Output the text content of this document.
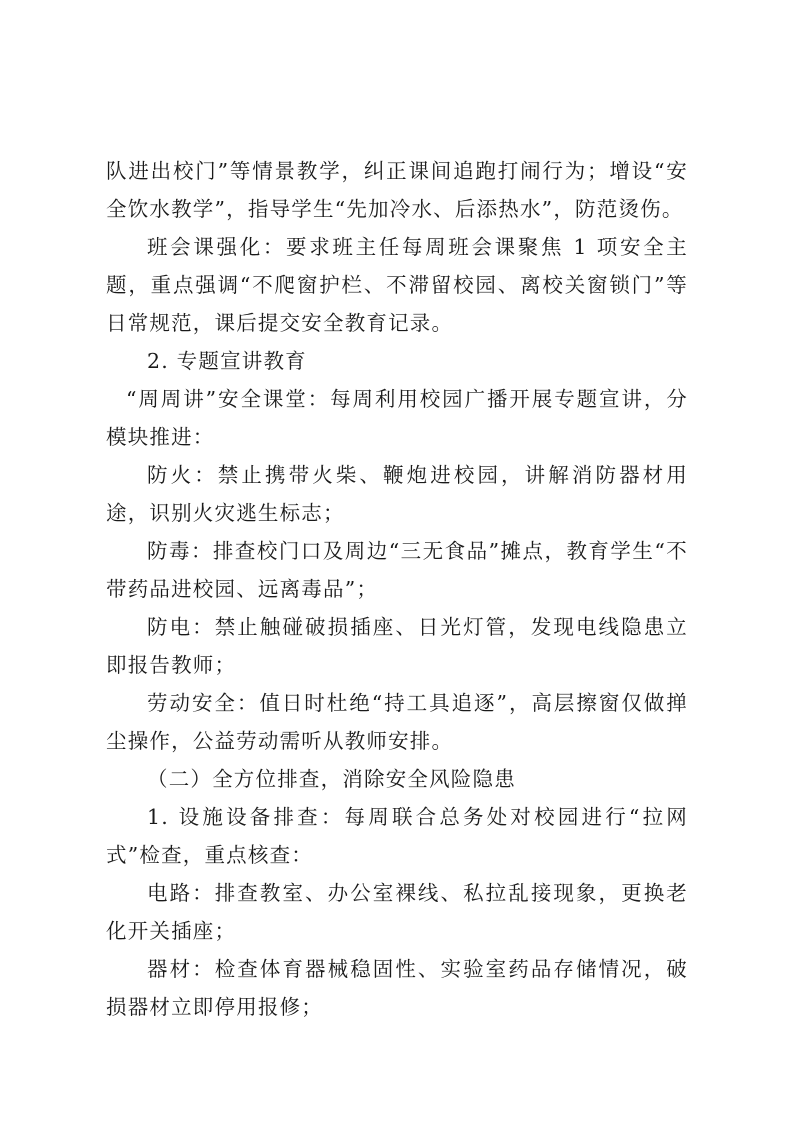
队进出校门”等情景教学，纠正课间追跑打闹行为；增设“安全饮水教学”，指导学生“先加冷水、后添热水”，防范烫伤。

班会课强化：要求班主任每周班会课聚焦 1 项安全主题，重点强调“不爬窗护栏、不滞留校园、离校关窗锁门”等日常规范，课后提交安全教育记录。

2. 专题宣讲教育

“周周讲”安全课堂：每周利用校园广播开展专题宣讲，分模块推进：

防火：禁止携带火柴、鞭炮进校园，讲解消防器材用途，识别火灾逃生标志；

防毒：排查校门口及周边“三无食品”摊点，教育学生“不带药品进校园、远离毒品”；

防电：禁止触碰破损插座、日光灯管，发现电线隐患立即报告教师；

劳动安全：值日时杜绝“持工具追逐”，高层擦窗仅做掸尘操作，公益劳动需听从教师安排。

（二）全方位排查，消除安全风险隐患

1. 设施设备排查：每周联合总务处对校园进行“拉网式”检查，重点核查：

电路：排查教室、办公室裸线、私拉乱接现象，更换老化开关插座；

器材：检查体育器械稳固性、实验室药品存储情况，破损器材立即停用报修；
